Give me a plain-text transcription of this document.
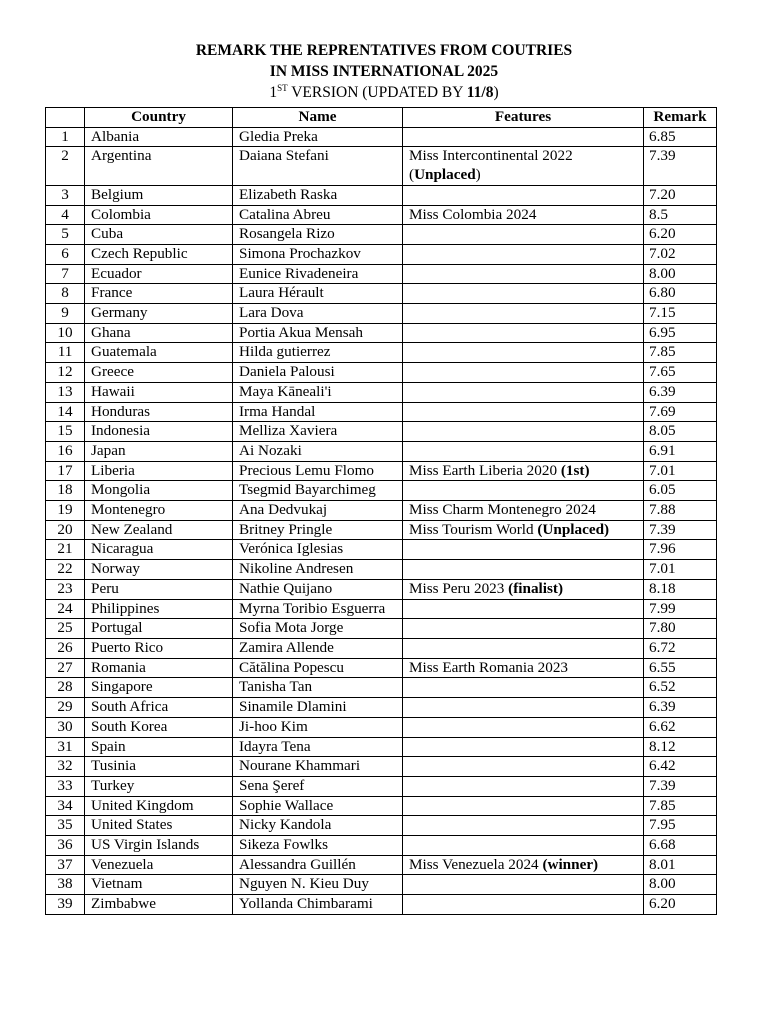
REMARK THE REPRENTATIVES FROM COUTRIES
IN MISS INTERNATIONAL 2025
1ST VERSION (UPDATED BY 11/8)
	Country	Name	Features	Remark
1	Albania	Gledia Preka		6.85
2	Argentina	Daiana Stefani	Miss Intercontinental 2022 (Unplaced)	7.39
3	Belgium	Elizabeth Raska		7.20
4	Colombia	Catalina Abreu	Miss Colombia 2024	8.5
5	Cuba	Rosangela Rizo		6.20
6	Czech Republic	Simona Prochazkov		7.02
7	Ecuador	Eunice Rivadeneira		8.00
8	France	Laura Hérault		6.80
9	Germany	Lara Dova		7.15
10	Ghana	Portia Akua Mensah		6.95
11	Guatemala	Hilda gutierrez		7.85
12	Greece	Daniela Palousi		7.65
13	Hawaii	Maya Kāneali'i		6.39
14	Honduras	Irma Handal		7.69
15	Indonesia	Melliza Xaviera		8.05
16	Japan	Ai Nozaki		6.91
17	Liberia	Precious Lemu Flomo	Miss Earth Liberia 2020 (1st)	7.01
18	Mongolia	Tsegmid Bayarchimeg		6.05
19	Montenegro	Ana Dedvukaj	Miss Charm Montenegro 2024	7.88
20	New Zealand	Britney Pringle	Miss Tourism World (Unplaced)	7.39
21	Nicaragua	Verónica Iglesias		7.96
22	Norway	Nikoline Andresen		7.01
23	Peru	Nathie Quijano	Miss Peru 2023 (finalist)	8.18
24	Philippines	Myrna Toribio Esguerra		7.99
25	Portugal	Sofia Mota Jorge		7.80
26	Puerto Rico	Zamira Allende		6.72
27	Romania	Cătălina Popescu	Miss Earth Romania 2023	6.55
28	Singapore	Tanisha Tan		6.52
29	South Africa	Sinamile Dlamini		6.39
30	South Korea	Ji-hoo Kim		6.62
31	Spain	Idayra Tena		8.12
32	Tusinia	Nourane Khammari		6.42
33	Turkey	Sena Şeref		7.39
34	United Kingdom	Sophie Wallace		7.85
35	United States	Nicky Kandola		7.95
36	US Virgin Islands	Sikeza Fowlks		6.68
37	Venezuela	Alessandra Guillén	Miss Venezuela 2024 (winner)	8.01
38	Vietnam	Nguyen N. Kieu Duy		8.00
39	Zimbabwe	Yollanda Chimbarami		6.20
